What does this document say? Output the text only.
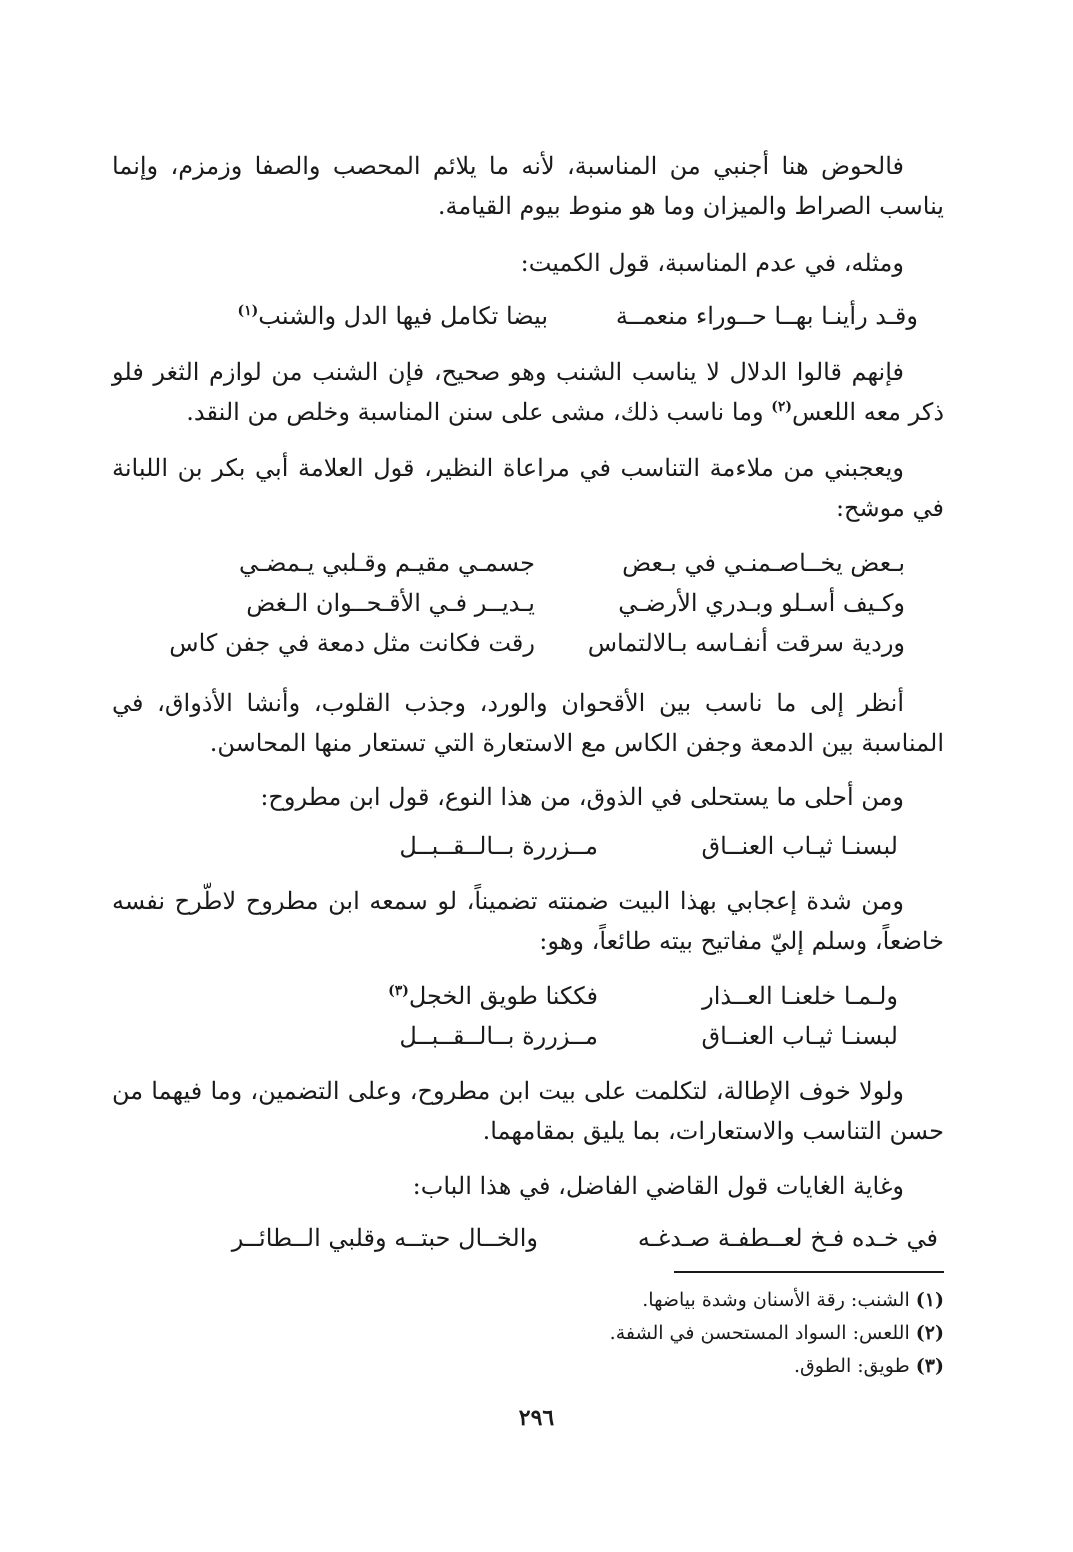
فالحوض هنا أجنبي من المناسبة، لأنه ما يلائم المحصب والصفا وزمزم، وإنما يناسب الصراط والميزان وما هو منوط بيوم القيامة.

ومثله، في عدم المناسبة، قول الكميت:

وقـد رأينـا بهــا حــوراء منعمــة
بيضا تكامل فيها الدل والشنب$^{(١)}$

فإنهم قالوا الدلال لا يناسب الشنب وهو صحيح، فإن الشنب من لوازم الثغر فلو ذكر معه اللعس$^{(٢)}$ وما ناسب ذلك، مشى على سنن المناسبة وخلص من النقد.

ويعجبني من ملاءمة التناسب في مراعاة النظير، قول العلامة أبي بكر بن اللبانة في موشح:

بـعض يخــاصـمنـي في بـعض
جسمـي مقيـم وقـلبي يـمضـي
وكـيف أسـلو وبـدري الأرضـي
يـديــر فـي الأقـحــوان الـغض
وردية سرقت أنفـاسه بـالالتماس
رقت فكانت مثل دمعة في جفن كاس

أنظر إلى ما ناسب بين الأقحوان والورد، وجذب القلوب، وأنشا الأذواق، في المناسبة بين الدمعة وجفن الكاس مع الاستعارة التي تستعار منها المحاسن.

ومن أحلى ما يستحلى في الذوق، من هذا النوع، قول ابن مطروح:

لبسنـا ثيـاب العنــاق
مــزررة بــالــقــبــل

ومن شدة إعجابي بهذا البيت ضمنته تضميناً، لو سمعه ابن مطروح لاطّرح نفسه خاضعاً، وسلم إليّ مفاتيح بيته طائعاً، وهو:

ولـمـا خلعنـا العــذار
فككنا طويق الخجل$^{(٣)}$
لبسنـا ثيـاب العنــاق
مــزررة بــالــقــبــل

ولولا خوف الإطالة، لتكلمت على بيت ابن مطروح، وعلى التضمين، وما فيهما من حسن التناسب والاستعارات، بما يليق بمقامهما.

وغاية الغايات قول القاضي الفاضل، في هذا الباب:

في خـده فـخ لعــطفـة صـدغـه
والخــال حبتــه وقلبي الــطائــر

(١) الشنب: رقة الأسنان وشدة بياضها.

(٢) اللعس: السواد المستحسن في الشفة.

(٣) طويق: الطوق.

٢٩٦
